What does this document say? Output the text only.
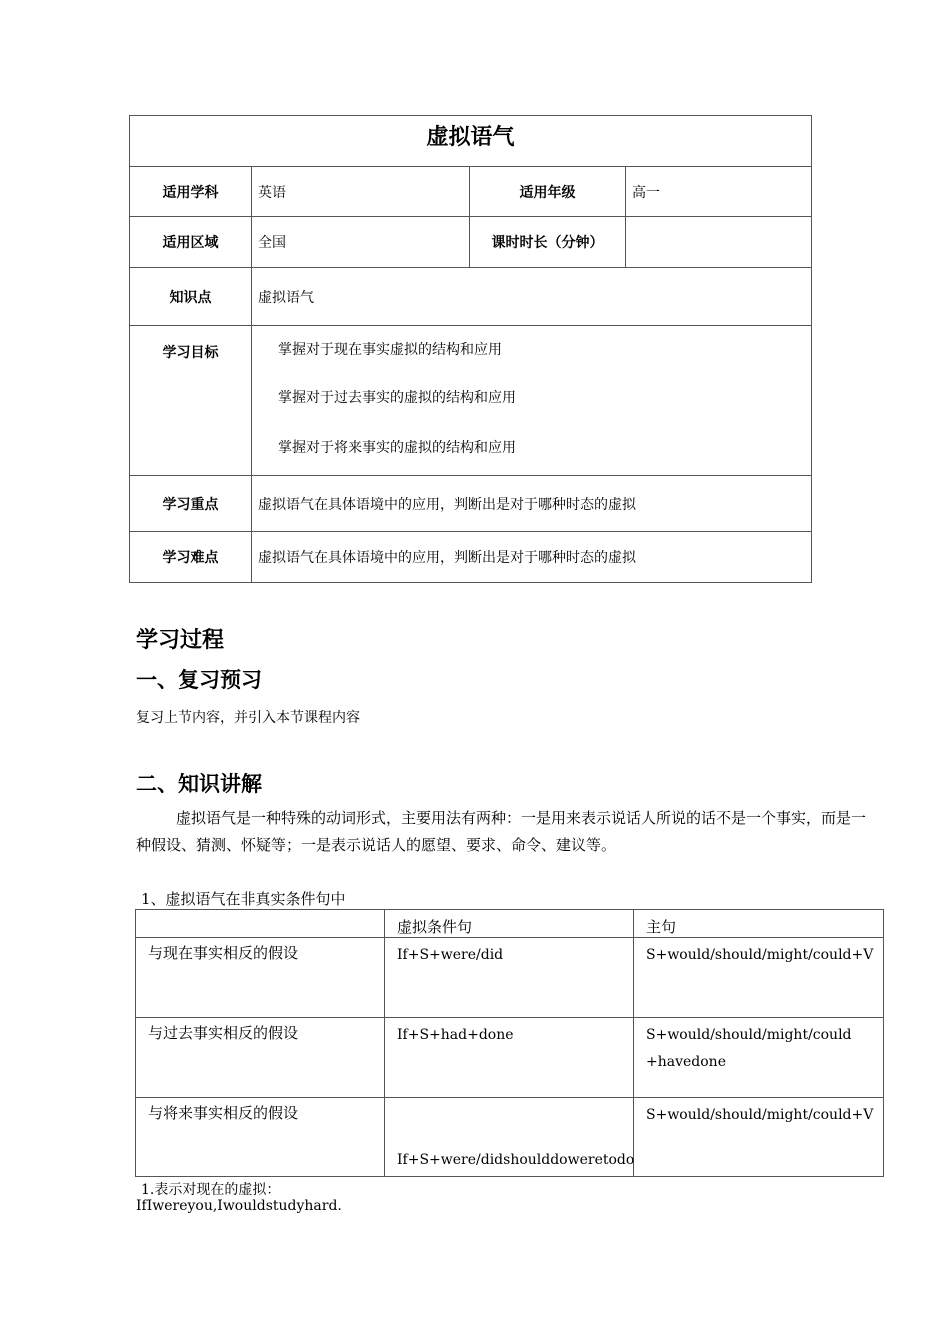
虚拟语气			
适用学科	英语	适用年级	高一
适用区域	全国	课时时长（分钟）	
知识点	虚拟语气		
学习目标	掌握对于现在事实虚拟的结构和应用
掌握对于过去事实的虚拟的结构和应用
掌握对于将来事实的虚拟的结构和应用		

学习重点	虚拟语气在具体语境中的应用，判断出是对于哪种时态的虚拟		
学习难点	虚拟语气在具体语境中的应用，判断出是对于哪种时态的虚拟		
学习过程
一、复习预习
复习上节内容，并引入本节课程内容
二、知识讲解
虚拟语气是一种特殊的动词形式，主要用法有两种：一是用来表示说话人所说的话不是一个事实，而是一种假设、猜测、怀疑等；一是表示说话人的愿望、要求、命令、建议等。
1、虚拟语气在非真实条件句中
	虚拟条件句	主句
与现在事实相反的假设	If+S+were/did	S+would/should/might/could+V
与过去事实相反的假设	If+S+had+done	S+would/should/might/could +havedone
与将来事实相反的假设	If+S+were/didshoulddoweretodo	S+would/should/might/could+V
1.表示对现在的虚拟：
IfIwereyou,Iwouldstudyhard.
